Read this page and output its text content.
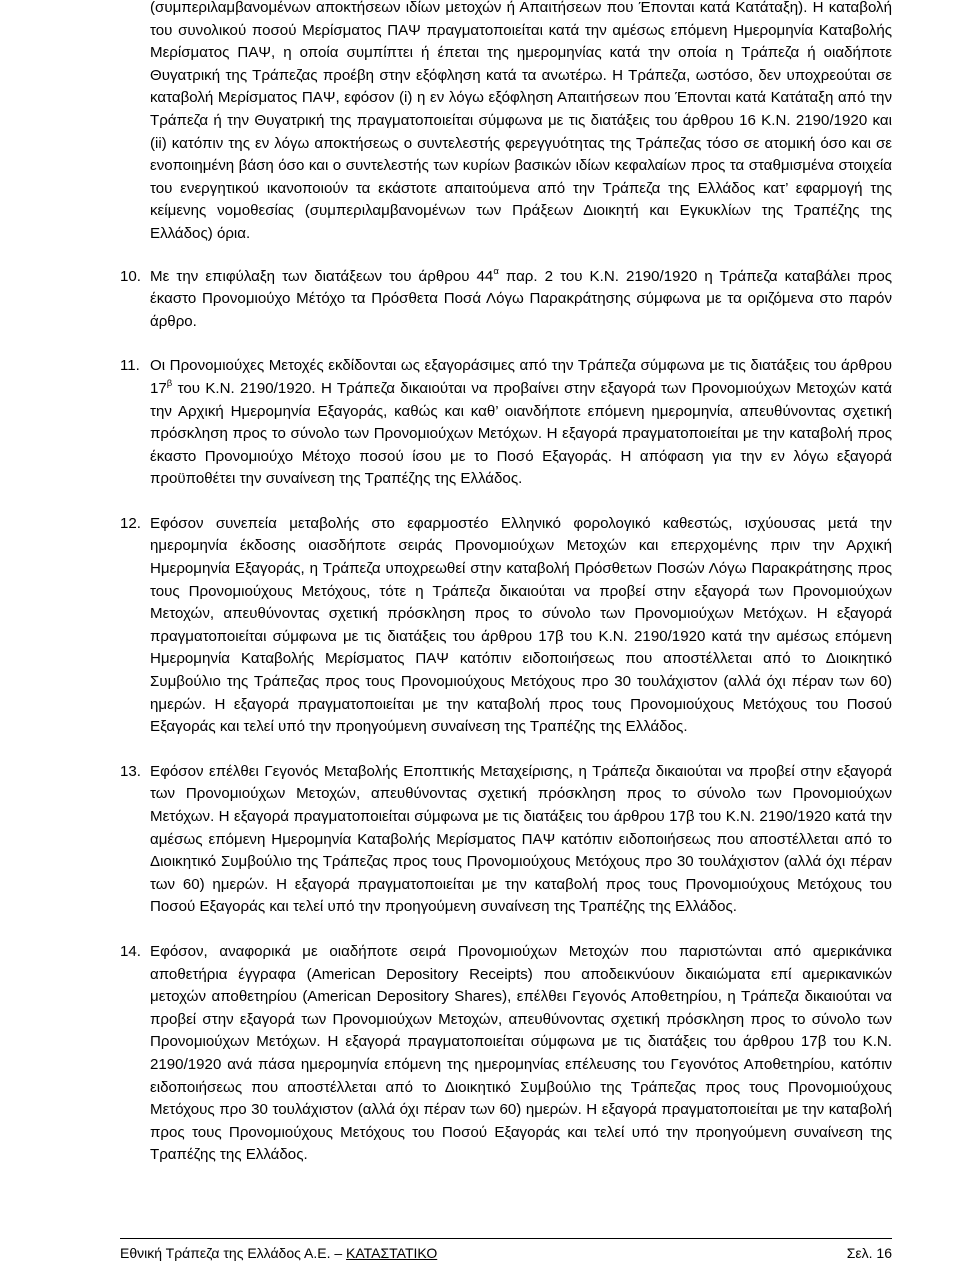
(συμπεριλαμβανομένων αποκτήσεων ιδίων μετοχών ή Απαιτήσεων που Έπονται κατά Κατάταξη). Η καταβολή του συνολικού ποσού Μερίσματος ΠΑΨ πραγματοποιείται κατά την αμέσως επόμενη Ημερομηνία Καταβολής Μερίσματος ΠΑΨ, η οποία συμπίπτει ή έπεται της ημερομηνίας κατά την οποία η Τράπεζα ή οιαδήποτε Θυγατρική της Τράπεζας προέβη στην εξόφληση κατά τα ανωτέρω. Η Τράπεζα, ωστόσο, δεν υποχρεούται σε καταβολή Μερίσματος ΠΑΨ, εφόσον (i) η εν λόγω εξόφληση Απαιτήσεων που Έπονται κατά Κατάταξη από την Τράπεζα ή την Θυγατρική της πραγματοποιείται σύμφωνα με τις διατάξεις του άρθρου 16 Κ.Ν. 2190/1920 και (ii) κατόπιν της εν λόγω αποκτήσεως ο συντελεστής φερεγγυότητας της Τράπεζας τόσο σε ατομική όσο και σε ενοποιημένη βάση όσο και ο συντελεστής των κυρίων βασικών ιδίων κεφαλαίων προς τα σταθμισμένα στοιχεία του ενεργητικού ικανοποιούν τα εκάστοτε απαιτούμενα από την Τράπεζα της Ελλάδος κατ’ εφαρμογή της κείμενης νομοθεσίας (συμπεριλαμβανομένων των Πράξεων Διοικητή και Εγκυκλίων της Τραπέζης της Ελλάδος) όρια.

10. Με την επιφύλαξη των διατάξεων του άρθρου $44^\alpha$ παρ. 2 του Κ.Ν. 2190/1920 η Τράπεζα καταβάλει προς έκαστο Προνομιούχο Μέτόχο τα Πρόσθετα Ποσά Λόγω Παρακράτησης σύμφωνα με τα οριζόμενα στο παρόν άρθρο.

11. Οι Προνομιούχες Μετοχές εκδίδονται ως εξαγοράσιμες από την Τράπεζα σύμφωνα με τις διατάξεις του άρθρου $17^\beta$ του Κ.Ν. 2190/1920. Η Τράπεζα δικαιούται να προβαίνει στην εξαγορά των Προνομιούχων Μετοχών κατά την Αρχική Ημερομηνία Εξαγοράς, καθώς και καθ’ οιανδήποτε επόμενη ημερομηνία, απευθύνοντας σχετική πρόσκληση προς το σύνολο των Προνομιούχων Μετόχων. Η εξαγορά πραγματοποιείται με την καταβολή προς έκαστο Προνομιούχο Μέτοχο ποσού ίσου με το Ποσό Εξαγοράς. Η απόφαση για την εν λόγω εξαγορά προϋποθέτει την συναίνεση της Τραπέζης της Ελλάδος.

12. Εφόσον συνεπεία μεταβολής στο εφαρμοστέο Ελληνικό φορολογικό καθεστώς, ισχύουσας μετά την ημερομηνία έκδοσης οιασδήποτε σειράς Προνομιούχων Μετοχών και επερχομένης πριν την Αρχική Ημερομηνία Εξαγοράς, η Τράπεζα υποχρεωθεί στην καταβολή Πρόσθετων Ποσών Λόγω Παρακράτησης προς τους Προνομιούχους Μετόχους, τότε η Τράπεζα δικαιούται να προβεί στην εξαγορά των Προνομιούχων Μετοχών, απευθύνοντας σχετική πρόσκληση προς το σύνολο των Προνομιούχων Μετόχων. Η εξαγορά πραγματοποιείται σύμφωνα με τις διατάξεις του άρθρου 17β του Κ.Ν. 2190/1920 κατά την αμέσως επόμενη Ημερομηνία Καταβολής Μερίσματος ΠΑΨ κατόπιν ειδοποιήσεως που αποστέλλεται από το Διοικητικό Συμβούλιο της Τράπεζας προς τους Προνομιούχους Μετόχους προ 30 τουλάχιστον (αλλά όχι πέραν των 60) ημερών. Η εξαγορά πραγματοποιείται με την καταβολή προς τους Προνομιούχους Μετόχους του Ποσού Εξαγοράς και τελεί υπό την προηγούμενη συναίνεση της Τραπέζης της Ελλάδος.

13. Εφόσον επέλθει Γεγονός Μεταβολής Εποπτικής Μεταχείρισης, η Τράπεζα δικαιούται να προβεί στην εξαγορά των Προνομιούχων Μετοχών, απευθύνοντας σχετική πρόσκληση προς το σύνολο των Προνομιούχων Μετόχων. Η εξαγορά πραγματοποιείται σύμφωνα με τις διατάξεις του άρθρου 17β του Κ.Ν. 2190/1920 κατά την αμέσως επόμενη Ημερομηνία Καταβολής Μερίσματος ΠΑΨ κατόπιν ειδοποιήσεως που αποστέλλεται από το Διοικητικό Συμβούλιο της Τράπεζας προς τους Προνομιούχους Μετόχους προ 30 τουλάχιστον (αλλά όχι πέραν των 60) ημερών. Η εξαγορά πραγματοποιείται με την καταβολή προς τους Προνομιούχους Μετόχους του Ποσού Εξαγοράς και τελεί υπό την προηγούμενη συναίνεση της Τραπέζης της Ελλάδος.

14. Εφόσον, αναφορικά με οιαδήποτε σειρά Προνομιούχων Μετοχών που παριστώνται από αμερικάνικα αποθετήρια έγγραφα (American Depository Receipts) που αποδεικνύουν δικαιώματα επί αμερικανικών μετοχών αποθετηρίου (American Depository Shares), επέλθει Γεγονός Αποθετηρίου, η Τράπεζα δικαιούται να προβεί στην εξαγορά των Προνομιούχων Μετοχών, απευθύνοντας σχετική πρόσκληση προς το σύνολο των Προνομιούχων Μετόχων. Η εξαγορά πραγματοποιείται σύμφωνα με τις διατάξεις του άρθρου 17β του Κ.Ν. 2190/1920 ανά πάσα ημερομηνία επόμενη της ημερομηνίας επέλευσης του Γεγονότος Αποθετηρίου, κατόπιν ειδοποιήσεως που αποστέλλεται από το Διοικητικό Συμβούλιο της Τράπεζας προς τους Προνομιούχους Μετόχους προ 30 τουλάχιστον (αλλά όχι πέραν των 60) ημερών. Η εξαγορά πραγματοποιείται με την καταβολή προς τους Προνομιούχους Μετόχους του Ποσού Εξαγοράς και τελεί υπό την προηγούμενη συναίνεση της Τραπέζης της Ελλάδος.

Εθνική Τράπεζα της Ελλάδος Α.Ε. – ΚΑΤΑΣΤΑΤΙΚΟ	Σελ. 16
